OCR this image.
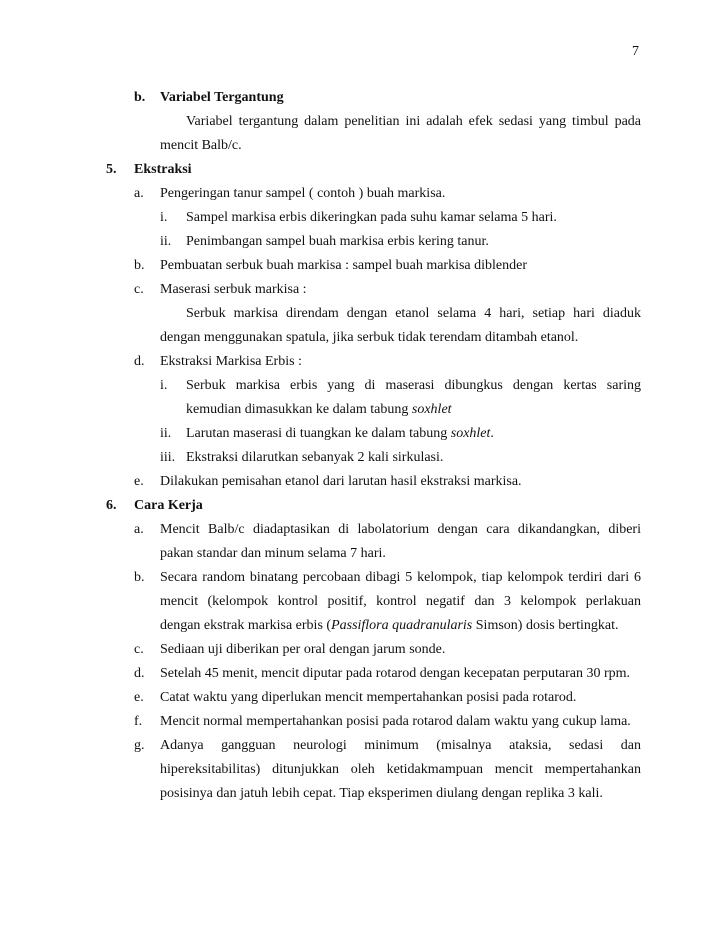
7
b. Variabel Tergantung
Variabel tergantung dalam penelitian ini adalah efek sedasi yang timbul pada
mencit Balb/c.
5. Ekstraksi
a. Pengeringan tanur sampel ( contoh ) buah markisa.
i. Sampel markisa erbis dikeringkan pada suhu kamar selama 5 hari.
ii. Penimbangan sampel buah markisa erbis kering tanur.
b. Pembuatan serbuk buah markisa : sampel buah markisa diblender
c. Maserasi serbuk markisa :
Serbuk markisa direndam dengan etanol selama 4 hari, setiap hari diaduk
dengan menggunakan spatula, jika serbuk tidak terendam ditambah etanol.
d. Ekstraksi Markisa Erbis :
i. Serbuk markisa erbis yang di maserasi dibungkus dengan kertas saring
kemudian dimasukkan ke dalam tabung soxhlet
ii. Larutan maserasi di tuangkan ke dalam tabung soxhlet.
iii. Ekstraksi dilarutkan sebanyak 2 kali sirkulasi.
e. Dilakukan pemisahan etanol dari larutan hasil ekstraksi markisa.
6. Cara Kerja
a. Mencit Balb/c diadaptasikan di labolatorium dengan cara dikandangkan, diberi
pakan standar dan minum selama 7 hari.
b. Secara random binatang percobaan dibagi 5 kelompok, tiap kelompok terdiri dari 6
mencit (kelompok kontrol positif, kontrol negatif dan 3 kelompok perlakuan
dengan ekstrak markisa erbis (Passiflora quadranularis Simson) dosis bertingkat.
c. Sediaan uji diberikan per oral dengan jarum sonde.
d. Setelah 45 menit, mencit diputar pada rotarod dengan kecepatan perputaran 30 rpm.
e. Catat waktu yang diperlukan mencit mempertahankan posisi pada rotarod.
f. Mencit normal mempertahankan posisi pada rotarod dalam waktu yang cukup lama.
g. Adanya gangguan neurologi minimum (misalnya ataksia, sedasi dan
hipereksitabilitas) ditunjukkan oleh ketidakmampuan mencit mempertahankan
posisinya dan jatuh lebih cepat. Tiap eksperimen diulang dengan replika 3 kali.
